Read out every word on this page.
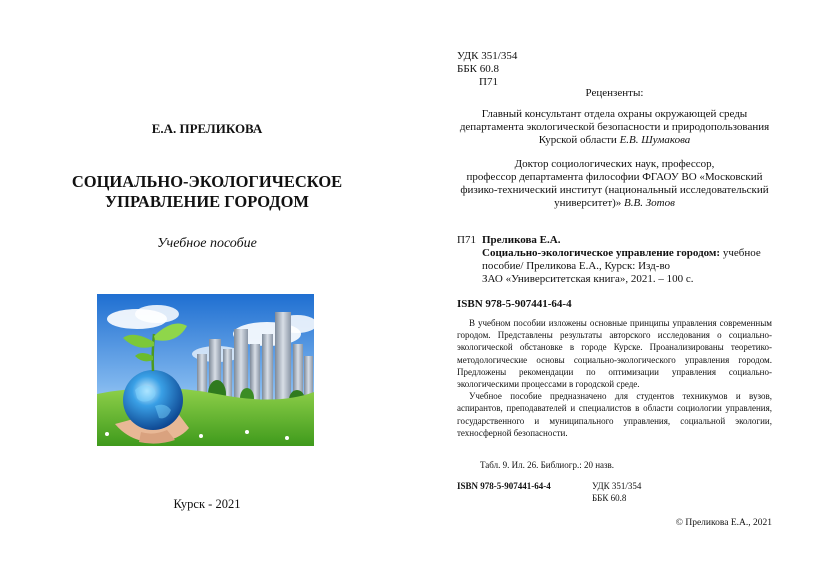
Е.А. ПРЕЛИКОВА
СОЦИАЛЬНО-ЭКОЛОГИЧЕСКОЕ
УПРАВЛЕНИЕ ГОРОДОМ
Учебное пособие
Курск - 2021
УДК 351/354
ББК 60.8
П71
Рецензенты:
Главный консультант отдела охраны окружающей среды
департамента экологической безопасности и природопользования
Курской области Е.В. Шумакова
Доктор социологических наук, профессор,
профессор департамента философии ФГАОУ ВО «Московский
физико-технический институт (национальный исследовательский
университет)» В.В. Зотов
П71 Преликова Е.А.
Социально-экологическое управление городом: учебное
пособие/ Преликова Е.А., Курск: Изд-во
ЗАО «Университетская книга», 2021. – 100 с.
ISBN 978-5-907441-64-4

В учебном пособии изложены основные принципы управления современным городом. Представлены результаты авторского исследования о социально-экологической обстановке в городе Курске. Проанализированы теоретико-методологические основы социально-экологического управления городом. Предложены рекомендации по оптимизации управления социально-экологическими процессами в городской среде.

Учебное пособие предназначено для студентов техникумов и вузов, аспирантов, преподавателей и специалистов в области социологии управления, государственного и муниципального управления, социальной экологии, техносферной безопасности.

Табл. 9. Ил. 26. Библиогр.: 20 назв.
ISBN 978-5-907441-64-4	УДК 351/354
ББК 60.8
© Преликова Е.А., 2021
